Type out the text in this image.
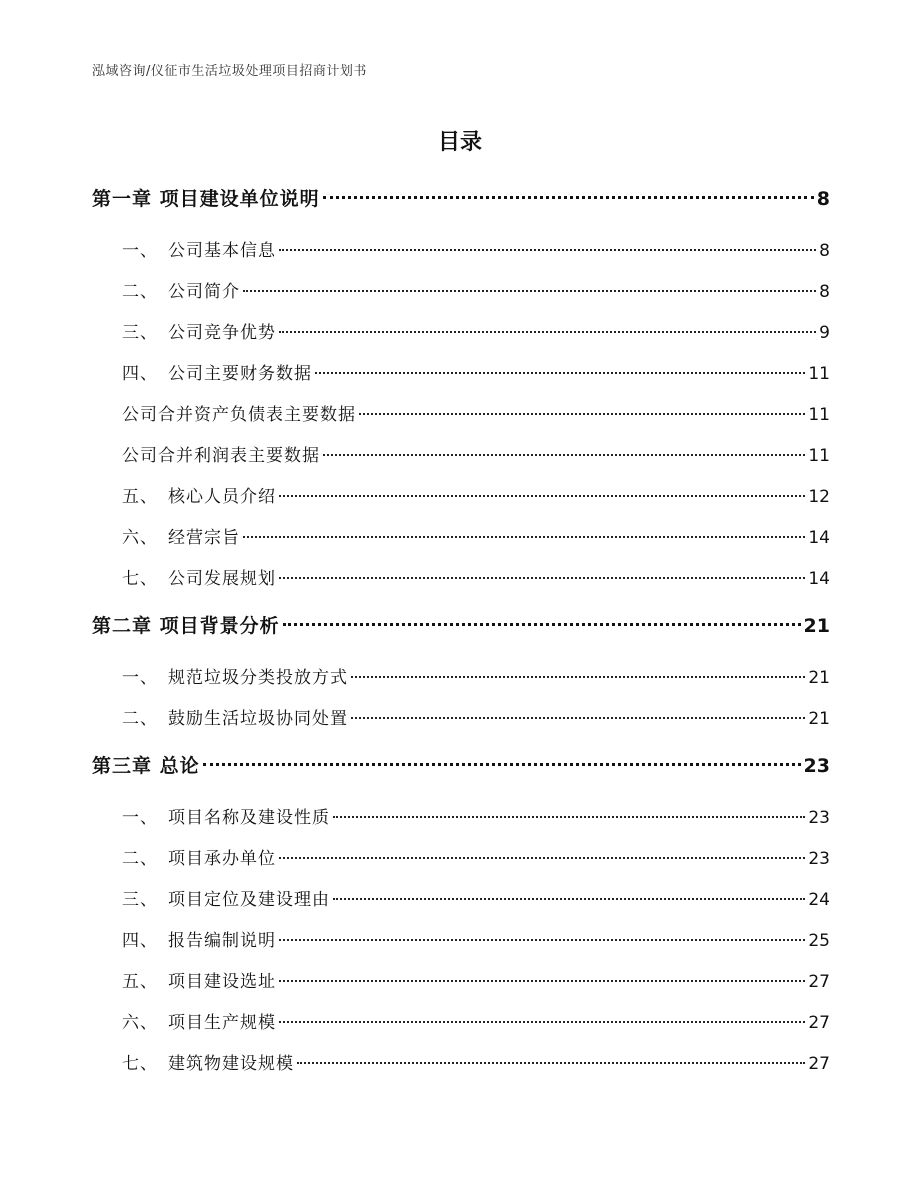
泓域咨询/仪征市生活垃圾处理项目招商计划书
目录
第一章 项目建设单位说明	8
一、 公司基本信息	8
二、 公司简介	8
三、 公司竞争优势	9
四、 公司主要财务数据	11
公司合并资产负债表主要数据	11
公司合并利润表主要数据	11
五、 核心人员介绍	12
六、 经营宗旨	14
七、 公司发展规划	14
第二章 项目背景分析	21
一、 规范垃圾分类投放方式	21
二、 鼓励生活垃圾协同处置	21
第三章 总论	23
一、 项目名称及建设性质	23
二、 项目承办单位	23
三、 项目定位及建设理由	24
四、 报告编制说明	25
五、 项目建设选址	27
六、 项目生产规模	27
七、 建筑物建设规模	27
